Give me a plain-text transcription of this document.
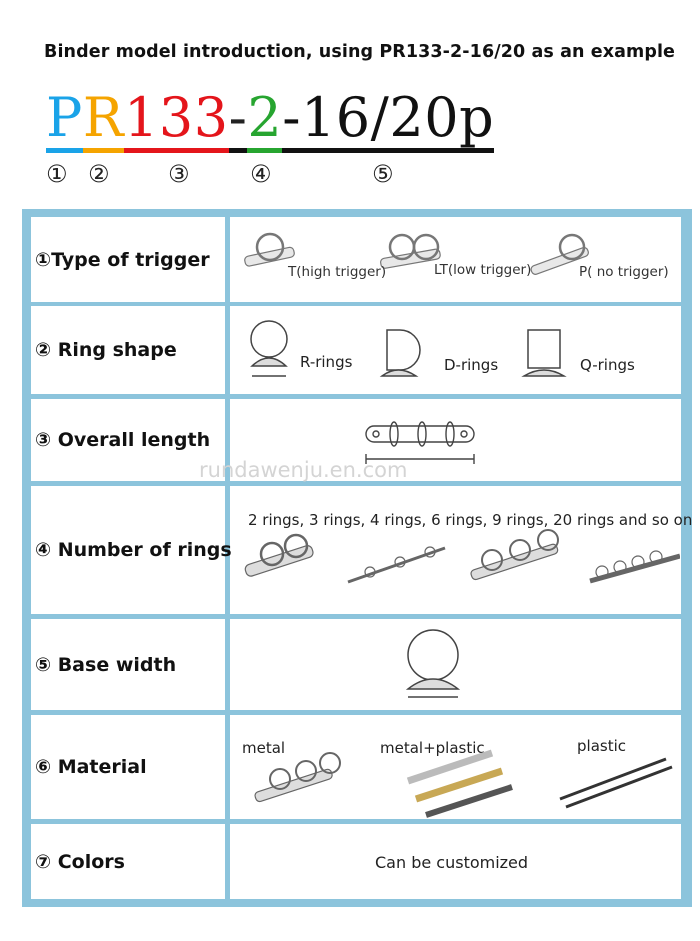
Binder model introduction, using PR133-2-16/20 as an example
PR133-2-16/20p
① ② ③	④	⑤
①Type of trigger
T(high trigger)	LT(low trigger)	P( no trigger)
② Ring shape
R-rings	D-rings	Q-rings
③ Overall length
④ Number of rings
2 rings, 3 rings, 4 rings, 6 rings, 9 rings, 20 rings and so on
⑤ Base width
⑥ Material
metal	metal+plastic	plastic
⑦ Colors	Can be customized
rundawenju.en.com
